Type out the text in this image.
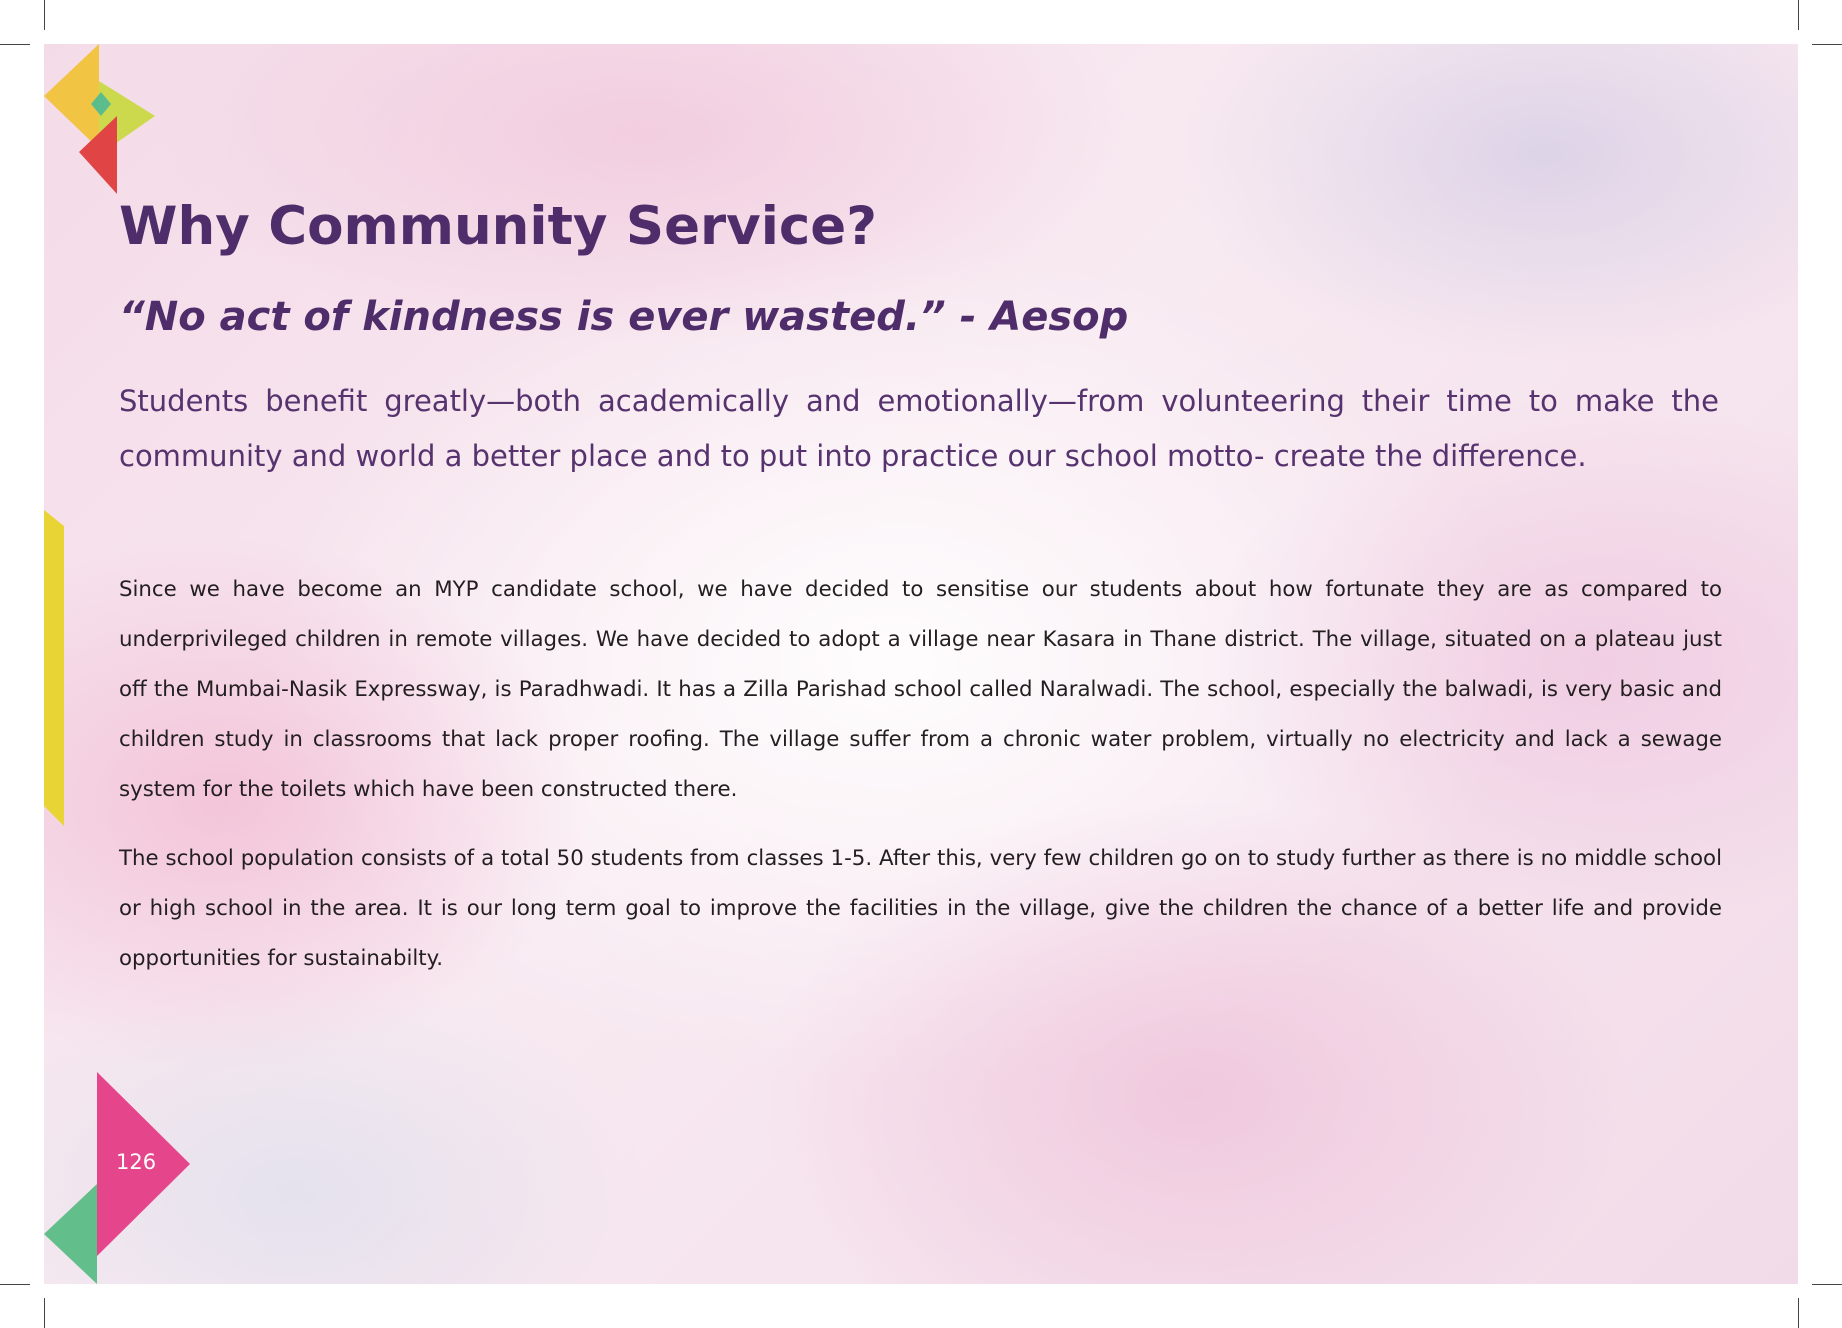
Why Community Service?

“No act of kindness is ever wasted.” - Aesop

Students benefit greatly—both academically and emotionally—from volunteering their time to make the community and world a better place and to put into practice our school motto- create the difference.

Since we have become an MYP candidate school, we have decided to sensitise our students about how fortunate they are as compared to underprivileged children in remote villages. We have decided to adopt a village near Kasara in Thane district. The village, situated on a plateau just off the Mumbai-Nasik Expressway, is Paradhwadi. It has a Zilla Parishad school called Naralwadi. The school, especially the balwadi, is very basic and children study in classrooms that lack proper roofing. The village suffer from a chronic water problem, virtually no electricity and lack a sewage system for the toilets which have been constructed there.

The school population consists of a total 50 students from classes 1-5. After this, very few children go on to study further as there is no middle school or high school in the area. It is our long term goal to improve the facilities in the village, give the children the chance of a better life and provide opportunities for sustainabilty.

126
